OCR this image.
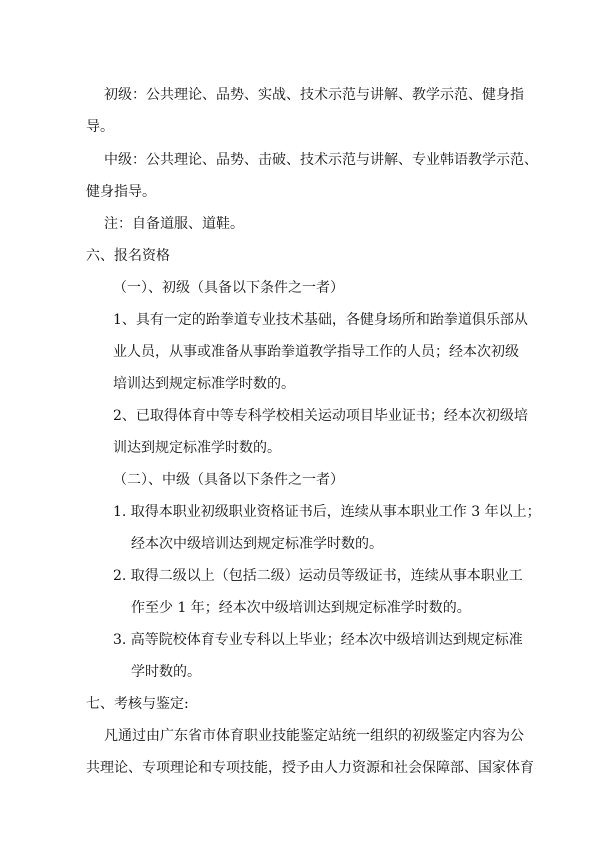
初级：公共理论、品势、实战、技术示范与讲解、教学示范、健身指

导。

中级：公共理论、品势、击破、技术示范与讲解、专业韩语教学示范、

健身指导。

注：自备道服、道鞋。

六、报名资格

（一）、初级（具备以下条件之一者）

1、具有一定的跆拳道专业技术基础，各健身场所和跆拳道俱乐部从

业人员，从事或准备从事跆拳道教学指导工作的人员；经本次初级

培训达到规定标准学时数的。

2、已取得体育中等专科学校相关运动项目毕业证书；经本次初级培

训达到规定标准学时数的。

（二）、中级（具备以下条件之一者）

1. 取得本职业初级职业资格证书后，连续从事本职业工作 3 年以上；

经本次中级培训达到规定标准学时数的。

2. 取得二级以上（包括二级）运动员等级证书，连续从事本职业工

作至少 1 年；经本次中级培训达到规定标准学时数的。

3. 高等院校体育专业专科以上毕业；经本次中级培训达到规定标准

学时数的。

七、考核与鉴定:

凡通过由广东省市体育职业技能鉴定站统一组织的初级鉴定内容为公

共理论、专项理论和专项技能，授予由人力资源和社会保障部、国家体育
